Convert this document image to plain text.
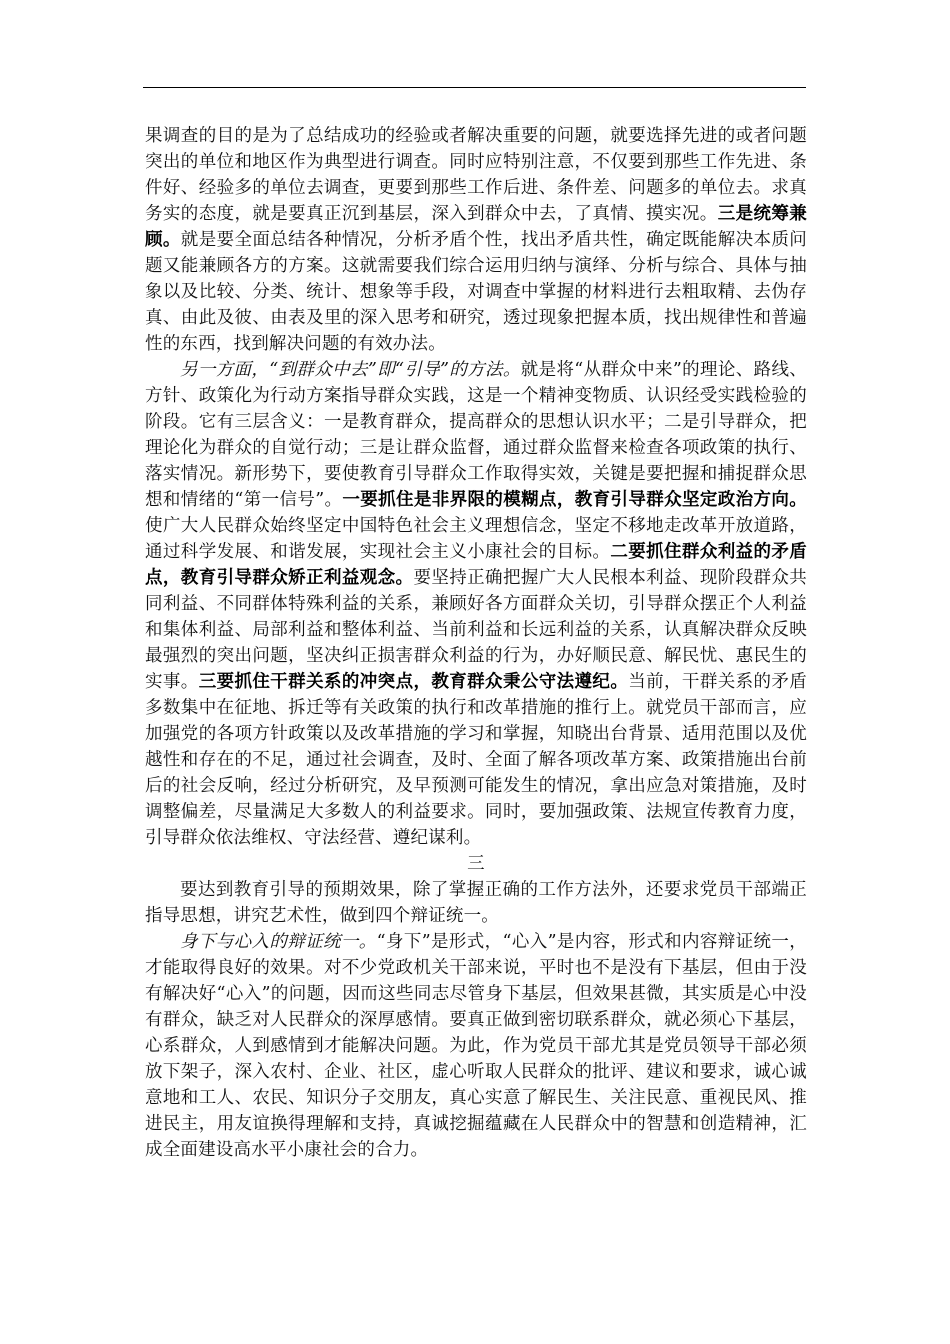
果调查的目的是为了总结成功的经验或者解决重要的问题，就要选择先进的或者问题突出的单位和地区作为典型进行调查。同时应特别注意，不仅要到那些工作先进、条件好、经验多的单位去调查，更要到那些工作后进、条件差、问题多的单位去。求真务实的态度，就是要真正沉到基层，深入到群众中去，了真情、摸实况。三是统筹兼顾。就是要全面总结各种情况，分析矛盾个性，找出矛盾共性，确定既能解决本质问题又能兼顾各方的方案。这就需要我们综合运用归纳与演绎、分析与综合、具体与抽象以及比较、分类、统计、想象等手段，对调查中掌握的材料进行去粗取精、去伪存真、由此及彼、由表及里的深入思考和研究，透过现象把握本质，找出规律性和普遍性的东西，找到解决问题的有效办法。

另一方面，“到群众中去”即“引导”的方法。就是将“从群众中来”的理论、路线、方针、政策化为行动方案指导群众实践，这是一个精神变物质、认识经受实践检验的阶段。它有三层含义：一是教育群众，提高群众的思想认识水平；二是引导群众，把理论化为群众的自觉行动；三是让群众监督，通过群众监督来检查各项政策的执行、落实情况。新形势下，要使教育引导群众工作取得实效，关键是要把握和捕捉群众思想和情绪的“第一信号”。一要抓住是非界限的模糊点，教育引导群众坚定政治方向。使广大人民群众始终坚定中国特色社会主义理想信念，坚定不移地走改革开放道路，通过科学发展、和谐发展，实现社会主义小康社会的目标。二要抓住群众利益的矛盾点，教育引导群众矫正利益观念。要坚持正确把握广大人民根本利益、现阶段群众共同利益、不同群体特殊利益的关系，兼顾好各方面群众关切，引导群众摆正个人利益和集体利益、局部利益和整体利益、当前利益和长远利益的关系，认真解决群众反映最强烈的突出问题，坚决纠正损害群众利益的行为，办好顺民意、解民忧、惠民生的实事。三要抓住干群关系的冲突点，教育群众秉公守法遵纪。当前，干群关系的矛盾多数集中在征地、拆迁等有关政策的执行和改革措施的推行上。就党员干部而言，应加强党的各项方针政策以及改革措施的学习和掌握，知晓出台背景、适用范围以及优越性和存在的不足，通过社会调查，及时、全面了解各项改革方案、政策措施出台前后的社会反响，经过分析研究，及早预测可能发生的情况，拿出应急对策措施，及时调整偏差，尽量满足大多数人的利益要求。同时，要加强政策、法规宣传教育力度，引导群众依法维权、守法经营、遵纪谋利。

三

要达到教育引导的预期效果，除了掌握正确的工作方法外，还要求党员干部端正指导思想，讲究艺术性，做到四个辩证统一。

身下与心入的辩证统一。“身下”是形式，“心入”是内容，形式和内容辩证统一，才能取得良好的效果。对不少党政机关干部来说，平时也不是没有下基层，但由于没有解决好“心入”的问题，因而这些同志尽管身下基层，但效果甚微，其实质是心中没有群众，缺乏对人民群众的深厚感情。要真正做到密切联系群众，就必须心下基层，心系群众，人到感情到才能解决问题。为此，作为党员干部尤其是党员领导干部必须放下架子，深入农村、企业、社区，虚心听取人民群众的批评、建议和要求，诚心诚意地和工人、农民、知识分子交朋友，真心实意了解民生、关注民意、重视民风、推进民主，用友谊换得理解和支持，真诚挖掘蕴藏在人民群众中的智慧和创造精神，汇成全面建设高水平小康社会的合力。
